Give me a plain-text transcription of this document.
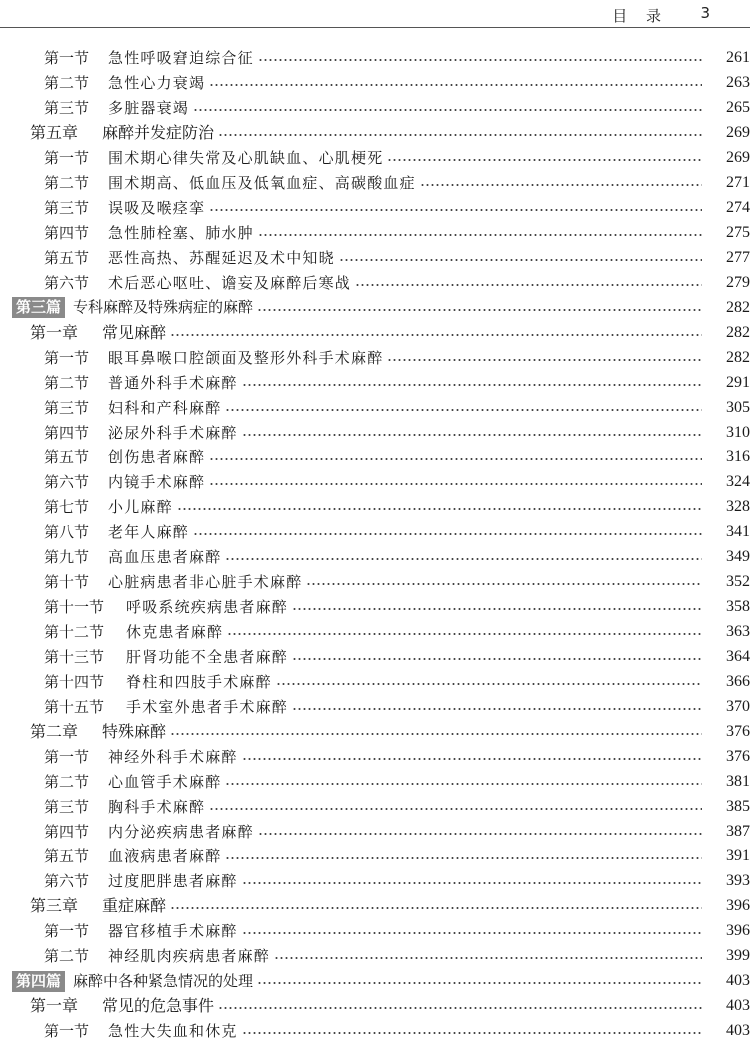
目 录 3
第一节 急性呼吸窘迫综合征	261
第二节 急性心力衰竭	263
第三节 多脏器衰竭	265
第五章 麻醉并发症防治	269
第一节 围术期心律失常及心肌缺血、心肌梗死	269
第二节 围术期高、低血压及低氧血症、高碳酸血症	271
第三节 误吸及喉痉挛	274
第四节 急性肺栓塞、肺水肿	275
第五节 恶性高热、苏醒延迟及术中知晓	277
第六节 术后恶心呕吐、谵妄及麻醉后寒战	279
第三篇 专科麻醉及特殊病症的麻醉	282
第一章 常见麻醉	282
第一节 眼耳鼻喉口腔颌面及整形外科手术麻醉	282
第二节 普通外科手术麻醉	291
第三节 妇科和产科麻醉	305
第四节 泌尿外科手术麻醉	310
第五节 创伤患者麻醉	316
第六节 内镜手术麻醉	324
第七节 小儿麻醉	328
第八节 老年人麻醉	341
第九节 高血压患者麻醉	349
第十节 心脏病患者非心脏手术麻醉	352
第十一节 呼吸系统疾病患者麻醉	358
第十二节 休克患者麻醉	363
第十三节 肝肾功能不全患者麻醉	364
第十四节 脊柱和四肢手术麻醉	366
第十五节 手术室外患者手术麻醉	370
第二章 特殊麻醉	376
第一节 神经外科手术麻醉	376
第二节 心血管手术麻醉	381
第三节 胸科手术麻醉	385
第四节 内分泌疾病患者麻醉	387
第五节 血液病患者麻醉	391
第六节 过度肥胖患者麻醉	393
第三章 重症麻醉	396
第一节 器官移植手术麻醉	396
第二节 神经肌肉疾病患者麻醉	399
第四篇 麻醉中各种紧急情况的处理	403
第一章 常见的危急事件	403
第一节 急性大失血和休克	403
